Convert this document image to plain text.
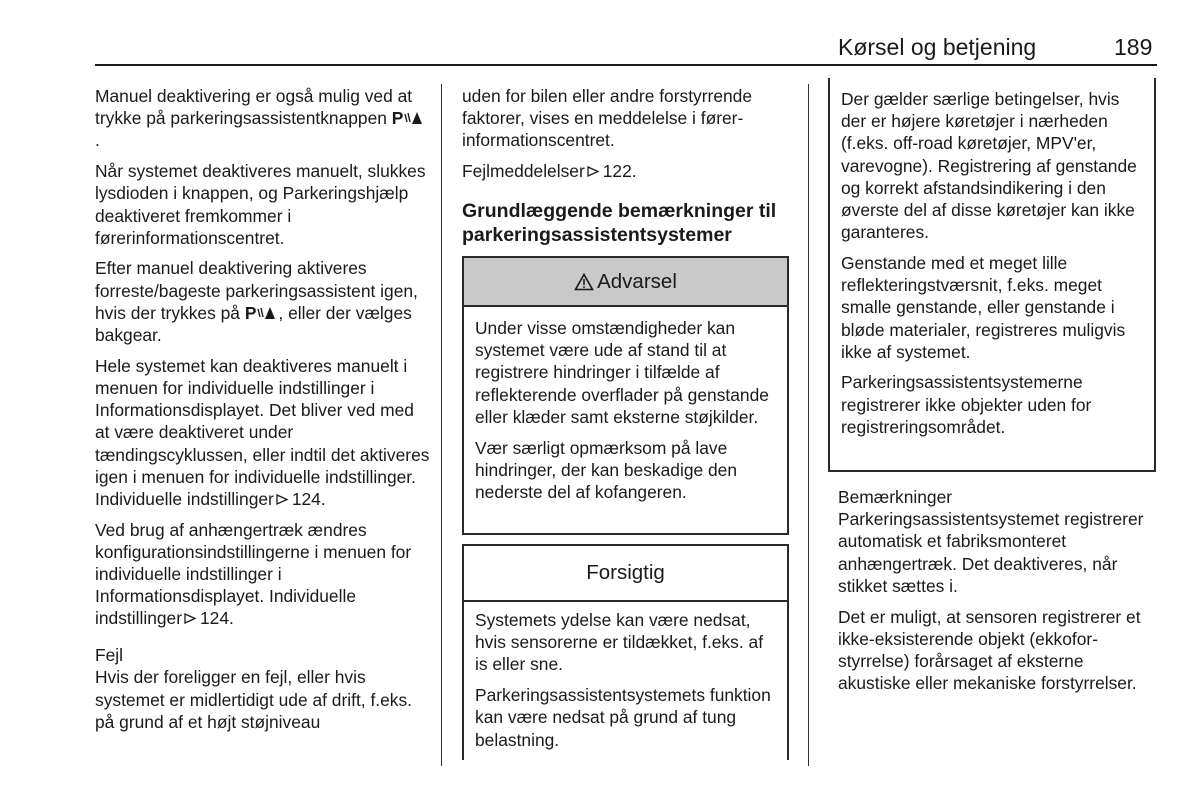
Kørsel og betjening	189

Manuel deaktivering er også mulig ved at trykke på parkeringsassistentknappen P.

Når systemet deaktiveres manuelt, slukkes lysdioden i knappen, og Parkeringshjælp deaktiveret fremkommer i førerinformationscentret.

Efter manuel deaktivering aktiveres forreste/bageste parkeringsassistent igen, hvis der trykkes på P , eller der vælges bakgear.

Hele systemet kan deaktiveres manuelt i menuen for individuelle indstillinger i Informationsdisplayet. Det bliver ved med at være deaktiveret under tændingscyklussen, eller indtil det aktiveres igen i menuen for individuelle indstillinger. Individuelle indstillinger 124.

Ved brug af anhængertræk ændres konfigurationsindstillingerne i menuen for individuelle indstillinger i Informationsdisplayet. Individuelle indstillinger 124.

Fejl

Hvis der foreligger en fejl, eller hvis systemet er midlertidigt ude af drift, f.eks. på grund af et højt støjniveau

uden for bilen eller andre forstyrrende faktorer, vises en meddelelse i førerinformationscentret.

Fejlmeddelelser 122.

Grundlæggende bemærkninger til parkeringsassistentsystemer
Advarsel

Under visse omstændigheder kan systemet være ude af stand til at registrere hindringer i tilfælde af reflekterende overflader på genstande eller klæder samt eksterne støjkilder.

Vær særligt opmærksom på lave hindringer, der kan beskadige den nederste del af kofangeren.

Forsigtig

Systemets ydelse kan være nedsat, hvis sensorerne er tildækket, f.eks. af is eller sne.

Parkeringsassistentsystemets funktion kan være nedsat på grund af tung belastning.

Der gælder særlige betingelser, hvis der er højere køretøjer i nærheden (f.eks. off-road køretøjer, MPV'er, varevogne). Registrering af genstande og korrekt afstandsindikering i den øverste del af disse køretøjer kan ikke garanteres.

Genstande med et meget lille reflekteringstværsnit, f.eks. meget smalle genstande, eller genstande i bløde materialer, registreres muligvis ikke af systemet.

Parkeringsassistentsystemerne registrerer ikke objekter uden for registreringsområdet.

Bemærkninger

Parkeringsassistentsystemet registrerer automatisk et fabriksmonteret anhængertræk. Det deaktiveres, når stikket sættes i.

Det er muligt, at sensoren registrerer et ikke-eksisterende objekt (ekkoforstyrrelse) forårsaget af eksterne akustiske eller mekaniske forstyrrelser.
